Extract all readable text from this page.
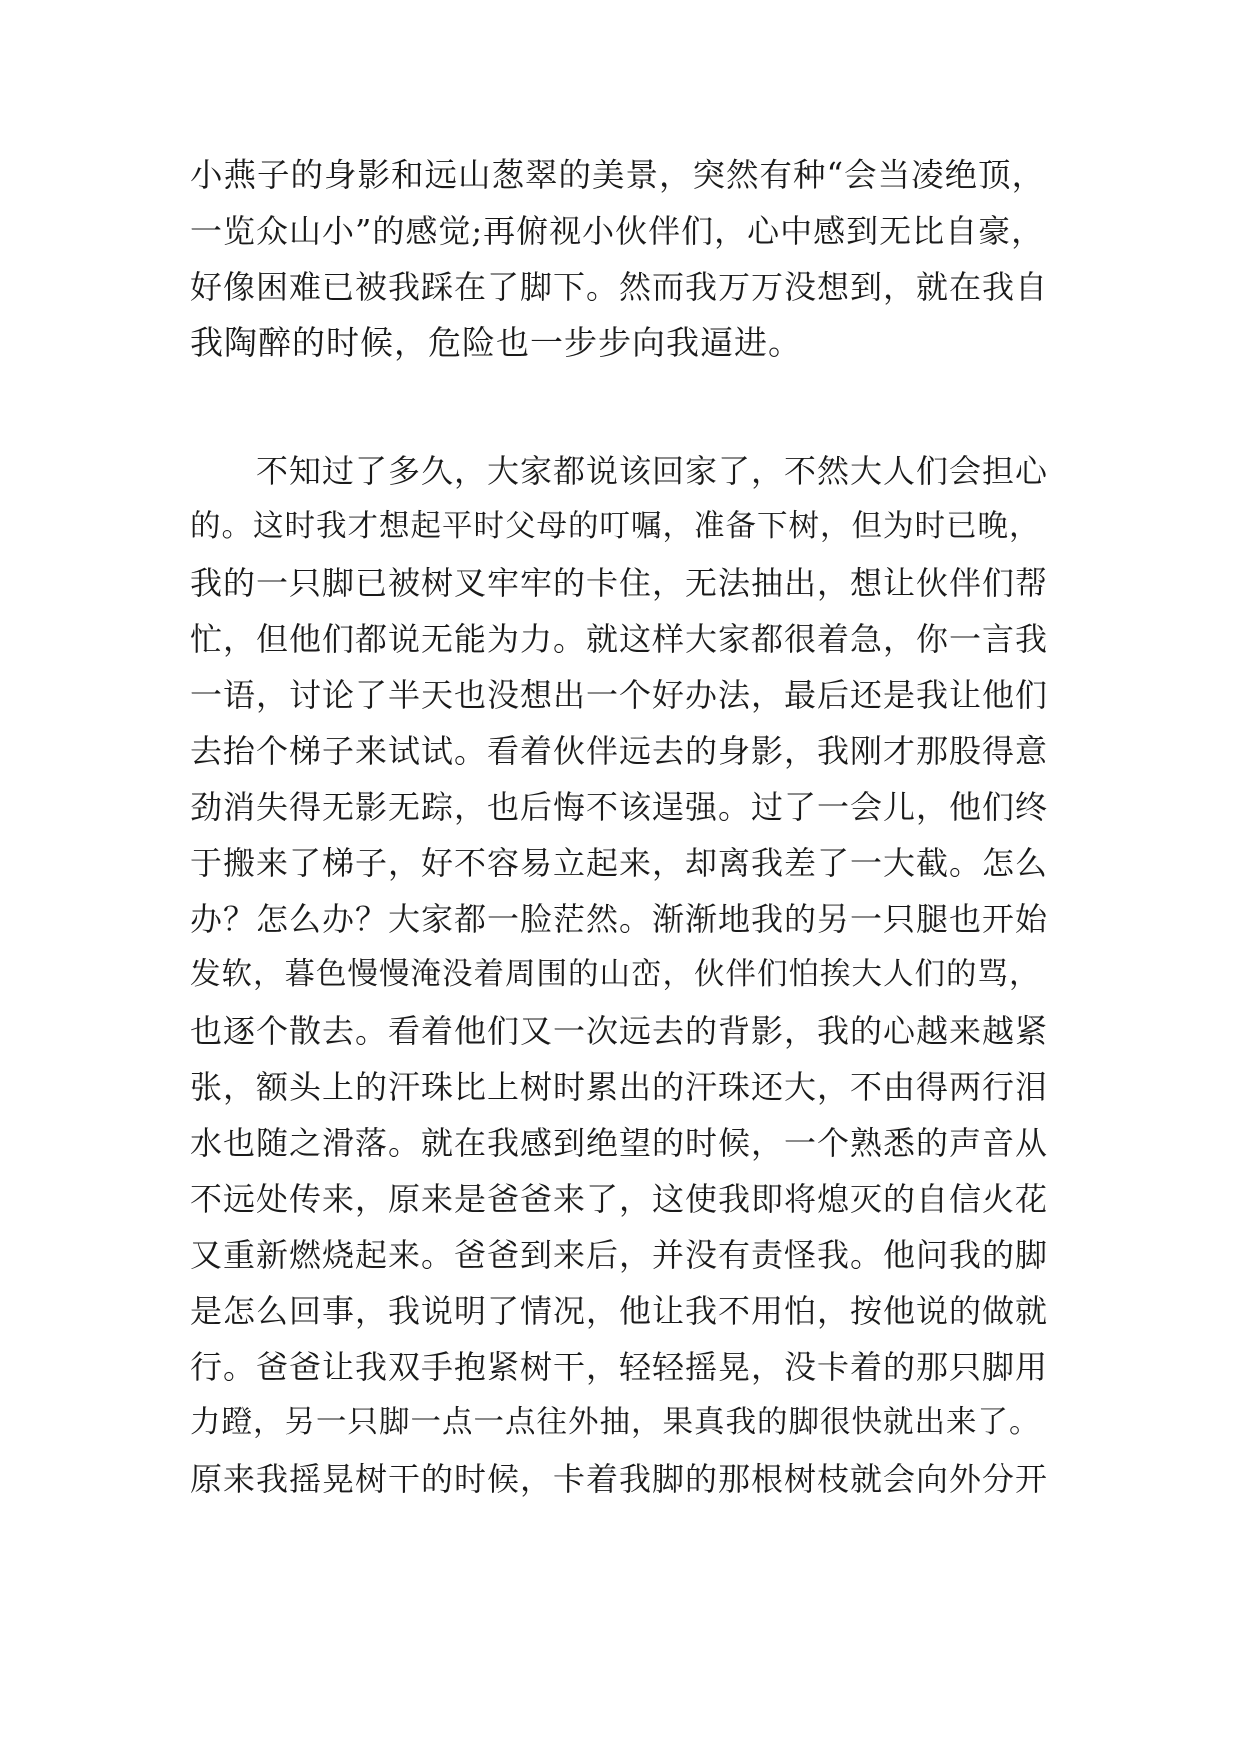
小燕子的身影和远山葱翠的美景，突然有种“会当凌绝顶，
一览众山小”的感觉;再俯视小伙伴们，心中感到无比自豪，
好像困难已被我踩在了脚下。然而我万万没想到，就在我自
我陶醉的时候，危险也一步步向我逼进。
不知过了多久，大家都说该回家了，不然大人们会担心
的。这时我才想起平时父母的叮嘱，准备下树，但为时已晚，
我的一只脚已被树叉牢牢的卡住，无法抽出，想让伙伴们帮
忙，但他们都说无能为力。就这样大家都很着急，你一言我
一语，讨论了半天也没想出一个好办法，最后还是我让他们
去抬个梯子来试试。看着伙伴远去的身影，我刚才那股得意
劲消失得无影无踪，也后悔不该逞强。过了一会儿，他们终
于搬来了梯子，好不容易立起来，却离我差了一大截。怎么
办？怎么办？大家都一脸茫然。渐渐地我的另一只腿也开始
发软，暮色慢慢淹没着周围的山峦，伙伴们怕挨大人们的骂，
也逐个散去。看着他们又一次远去的背影，我的心越来越紧
张，额头上的汗珠比上树时累出的汗珠还大，不由得两行泪
水也随之滑落。就在我感到绝望的时候，一个熟悉的声音从
不远处传来，原来是爸爸来了，这使我即将熄灭的自信火花
又重新燃烧起来。爸爸到来后，并没有责怪我。他问我的脚
是怎么回事，我说明了情况，他让我不用怕，按他说的做就
行。爸爸让我双手抱紧树干，轻轻摇晃，没卡着的那只脚用
力蹬，另一只脚一点一点往外抽，果真我的脚很快就出来了。
原来我摇晃树干的时候，卡着我脚的那根树枝就会向外分开
